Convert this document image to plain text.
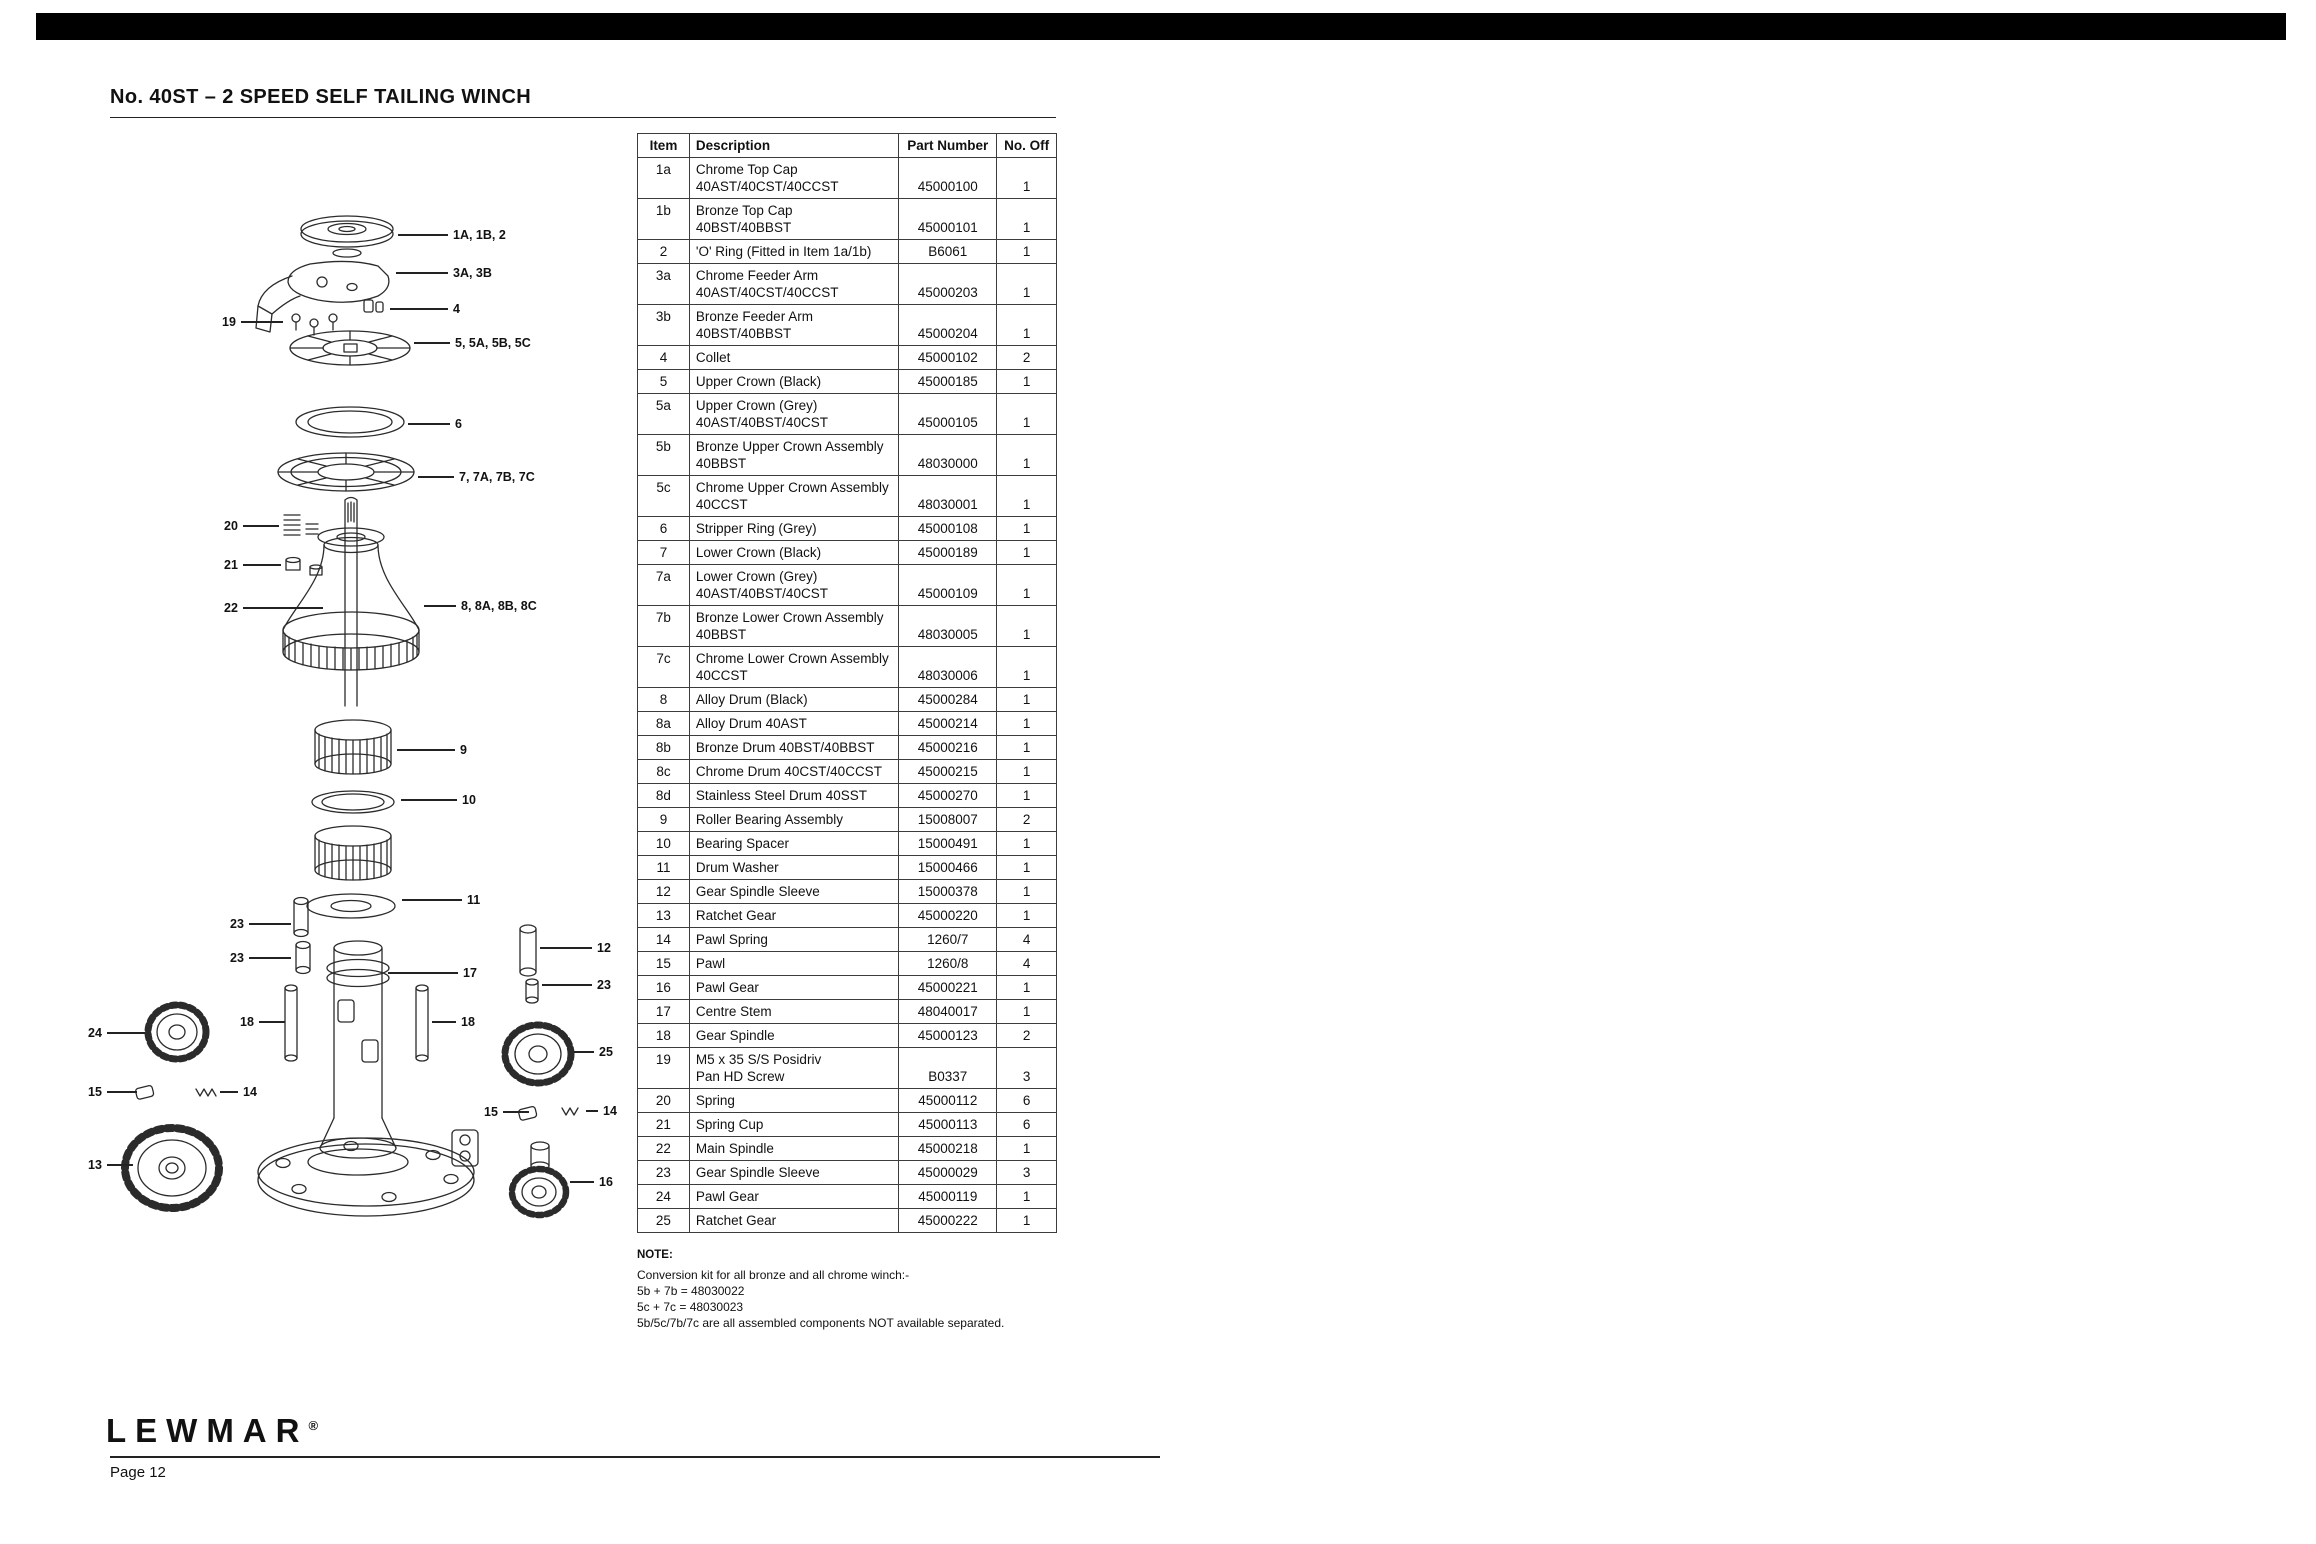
No. 40ST – 2 SPEED SELF TAILING WINCH
1A, 1B, 2
3A, 3B
4
19
5, 5A, 5B, 5C
6
7, 7A, 7B, 7C
20
21
22	8, 8A, 8B, 8C
9
10
11
23
23
12
23
17
18	18
24
25
15	14
15	14
13
16
Item	Description	Part Number	No. Off
1a	Chrome Top Cap
40AST/40CST/40CCST	45000100	1
1b	Bronze Top Cap
40BST/40BBST	45000101	1
2	'O' Ring (Fitted in Item 1a/1b)	B6061	1
3a	Chrome Feeder Arm
40AST/40CST/40CCST	45000203	1
3b	Bronze Feeder Arm
40BST/40BBST	45000204	1
4	Collet	45000102	2
5	Upper Crown (Black)	45000185	1
5a	Upper Crown (Grey)
40AST/40BST/40CST	45000105	1
5b	Bronze Upper Crown Assembly
40BBST	48030000	1
5c	Chrome Upper Crown Assembly
40CCST	48030001	1
6	Stripper Ring (Grey)	45000108	1
7	Lower Crown (Black)	45000189	1
7a	Lower Crown (Grey)
40AST/40BST/40CST	45000109	1
7b	Bronze Lower Crown Assembly
40BBST	48030005	1
7c	Chrome Lower Crown Assembly
40CCST	48030006	1
8	Alloy Drum (Black)	45000284	1
8a	Alloy Drum 40AST	45000214	1
8b	Bronze Drum 40BST/40BBST	45000216	1
8c	Chrome Drum 40CST/40CCST	45000215	1
8d	Stainless Steel Drum 40SST	45000270	1
9	Roller Bearing Assembly	15008007	2
10	Bearing Spacer	15000491	1
11	Drum Washer	15000466	1
12	Gear Spindle Sleeve	15000378	1
13	Ratchet Gear	45000220	1
14	Pawl Spring	1260/7	4
15	Pawl	1260/8	4
16	Pawl Gear	45000221	1
17	Centre Stem	48040017	1
18	Gear Spindle	45000123	2
19	M5 x 35 S/S Posidriv
Pan HD Screw	B0337	3
20	Spring	45000112	6
21	Spring Cup	45000113	6
22	Main Spindle	45000218	1
23	Gear Spindle Sleeve	45000029	3
24	Pawl Gear	45000119	1
25	Ratchet Gear	45000222	1
NOTE:
Conversion kit for all bronze and all chrome winch:-
5b + 7b = 48030022
5c + 7c = 48030023
5b/5c/7b/7c are all assembled components NOT available separated.
LEWMAR®
Page 12
